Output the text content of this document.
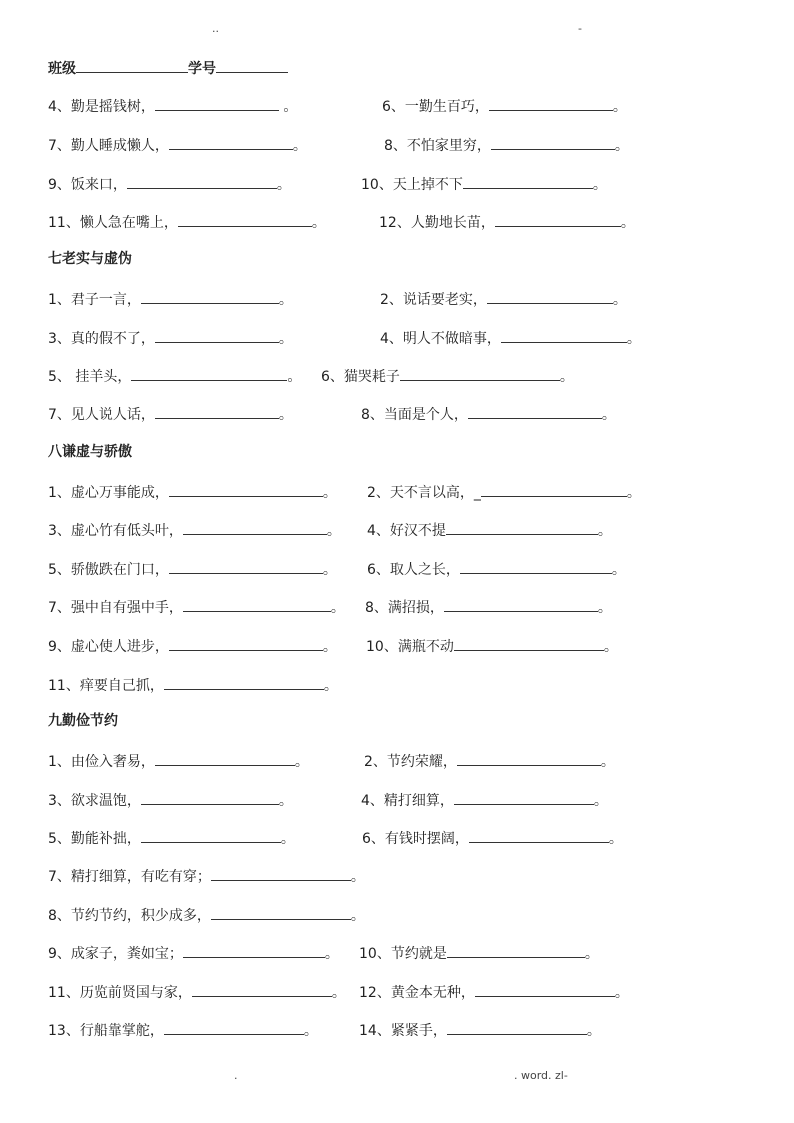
..	-
班级	学号
4、勤是摇钱树，	。	6、一勤生百巧，	。
7、勤人睡成懒人，	。	8、不怕家里穷，	。
9、饭来口，	。	10、天上掉不下	。
11、懒人急在嘴上，	。	12、人勤地长苗，	。
七老实与虚伪
1、君子一言，	。	2、说话要老实，	。
3、真的假不了，	。	4、明人不做暗事，	。
5、 挂羊头，	。 6、猫哭耗子	。
7、见人说人话，	。	8、当面是个人，	。
八谦虚与骄傲
1、虚心万事能成，	。 2、天不言以高，_	。
3、虚心竹有低头叶，	。 4、好汉不提	。
5、骄傲跌在门口，	。 6、取人之长，	。
7、强中自有强中手，	。 8、满招损，	。
9、虚心使人进步，	。 10、满瓶不动	。
11、痒要自己抓，	。
九勤俭节约
1、由俭入奢易，	。	2、节约荣耀，	。
3、欲求温饱，	。	4、精打细算，	。
5、勤能补拙，	。	6、有钱时摆阔，	。
7、精打细算，有吃有穿；	。
8、节约节约，积少成多，	。
9、成家子，粪如宝；	。 10、节约就是	。
11、历览前贤国与家，	。 12、黄金本无种，	。
13、行船靠掌舵，	。	14、紧紧手，	。
.	. word. zl-
